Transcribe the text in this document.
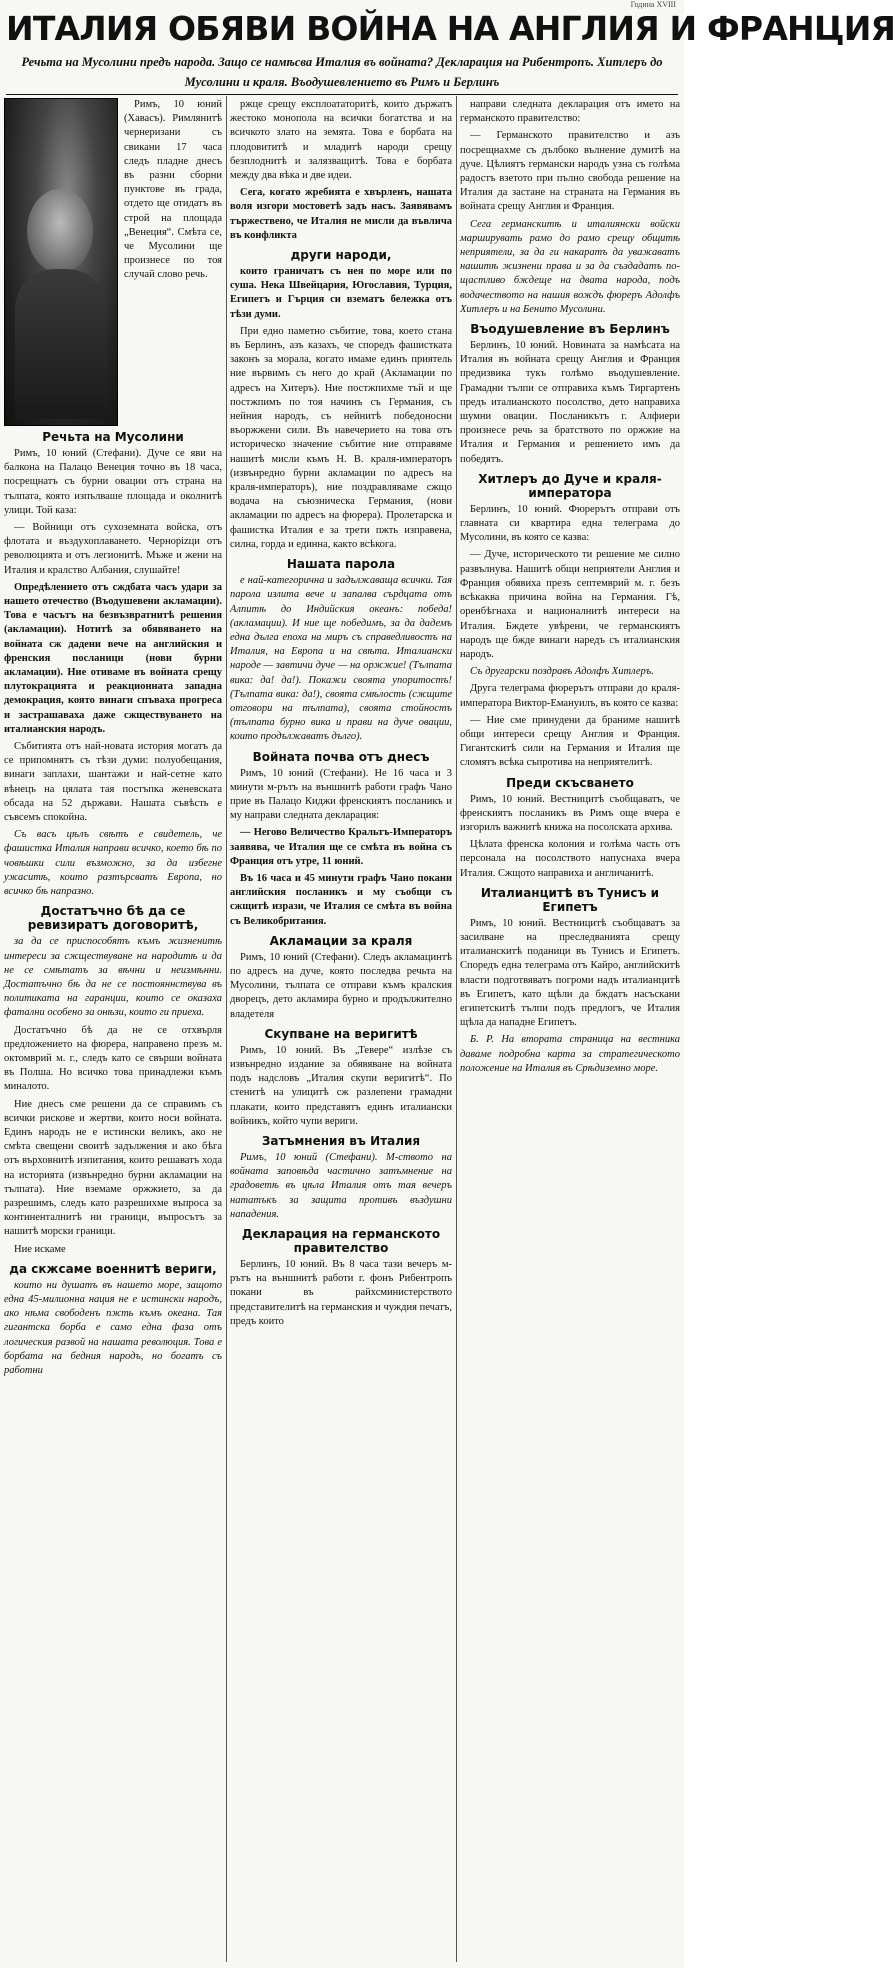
Година XVIII
ИТАЛИЯ ОБЯВИ ВОЙНА НА АНГЛИЯ И ФРАНЦИЯ
Речьта на Мусолини предъ народа. Защо се намѣсва Италия въ войната? Декларация на Рибентропъ. Хитлеръ до Мусолини и краля. Въодушевлението въ Римъ и Берлинъ

Римъ, 10 юний (Хавасъ). Римлянитѣ чернеризани съ свикани 17 часа следъ пладне днесъ въ разни сборни пунктове въ града, отдето ще отидатъ въ строй на площада „Венеция“. Смѣта се, че Мусолини ще произнесе по тоя случай слово речь.

Речьта на Мусолини

Римъ, 10 юний (Стефани). Дуче се яви на балкона на Палацо Венеция точно въ 18 часа, посрещнатъ съ бурни овации отъ страна на тълпата, която изпълваше площада и околнитѣ улици. Той каза:

— Войници отъ сухоземната войска, отъ флотата и въздухоплаването. Чернорizци отъ революцията и отъ легионитѣ. Мъже и жени на Италия и кралство Албания, слушайте!

Опредѣлението отъ сждбата часъ удари за нашето отечество (Въодушевени акламации). Това е часътъ на безвъзвратнитѣ решения (акламации). Нотитѣ за обявяването на войната сж дадени вече на английския и френския посланици (нови бурни акламации). Ние отиваме въ войната срещу плутокрацията и реакционната западна демокрация, която винаги спъваха прогреса и застрашаваха даже сжществуването на италианския народъ.

Събитията отъ най-новата история могатъ да се припомнятъ съ тѣзи думи: полуобещания, винаги заплахи, шантажи и най-сетне като вѣнецъ на цялата тая постъпка женевската обсада на 52 държави. Нашата съвѣсть е съвсемъ спокойна.

Съ васъ цѣлъ свѣтъ е свидетель, че фашистка Италия направи всичко, което бѣ по човѣшки сили възможно, за да избегне ужаситѣ, които разтърсватъ Европа, но всичко бѣ напразно.

Достатъчно бѣ да се ревизиратъ договоритѣ,

за да се приспособятъ къмъ жизненитѣ интереси за сжществуване на народитѣ и да не се смѣтатъ за вѣчни и неизмѣнни. Достатъчно бѣ да не се постояннствува въ политиката на гаранции, които се оказаха фатални особено за онѣзи, които ги приеха.

Достатъчно бѣ да не се отхвърля предложението на фюрера, направено презъ м. октомврий м. г., следъ като се свърши войната въ Полша. Но всичко това принадлежи къмъ миналото.

Ние днесъ сме решени да се справимъ съ всички рискове и жертви, които носи войната. Единъ народъ не е истински великъ, ако не смѣта свещени своитѣ задължения и ако бѣга отъ върховнитѣ изпитания, които решаватъ хода на историята (извънредно бурни акламации на тълпата). Ние вземаме оржжието, за да разрешимъ, следъ като разрешихме въпроса за континенталнитѣ ни граници, въпросътъ за нашитѣ морски граници.

Ние искаме

да скжсаме военнитѣ вериги,

които ни душатъ въ нашето море, защото една 45-милионна нация не е истински народъ, ако нѣма свободенъ пжть къмъ океана. Тая гигантска борба е само една фаза отъ логическия развой на нашата революция. Това е борбата на бедния народъ, но богатъ съ работни

ржце срещу експлоататоритѣ, които държатъ жестоко монопола на всички богатства и на всичкото злато на земята. Това е борбата на плодовититѣ и младитѣ народи срещу безплоднитѣ и залязващитѣ. Това е борбата между два вѣка и две идеи.

Сега, когато жребията е хвърленъ, нашата воля изгори мостоветѣ задъ насъ. Заявявамъ тържествено, че Италия не мисли да въвлича въ конфликта

други народи,

които граничатъ съ нея по море или по суша. Нека Швейцария, Югославия, Турция, Египетъ и Гърция си взематъ бележка отъ тѣзи думи.

При едно паметно събитие, това, което стана въ Берлинъ, азъ казахъ, че споредъ фашистката законъ за морала, когато имаме единъ приятель ние вървимъ съ него до край (Акламации по адресъ на Хитеръ). Ние постжпихме тъй и ще постжпимъ по тоя начинъ съ Германия, съ нейния народъ, съ нейнитѣ победоносни въоржжени сили. Въ навечерието на това отъ историческо значение събитие ние отправяме нашитѣ мисли къмъ Н. В. краля-императоръ (извънредно бурни акламации по адресъ на краля-императоръ), ние поздравляваме сжщо водача на съюзническа Германия, (нови акламации по адресъ на фюрера). Пролетарска и фашистка Италия е за трети пжть изправена, силна, горда и единна, както всѣкога.

Нашата парола

е най-категорична и задължаваща всички. Тая парола излита вече и запалва сърдцата отъ Алпитѣ до Индийския океанъ: победа! (акламации). И ние ще победимъ, за да дадемъ една дълга епоха на миръ съ справедливостъ на Италия, на Европа и на свѣта. Италиански народе — завтичи дуче — на оржжие! (Тълпата вика: да! да!). Покажи своята упоритостъ! (Тълпата вика: да!), своята смѣлость (сжщите отговори на тълпата), своята стойностъ (тълпата бурно вика и прави на дуче овации, които продължаватъ дълго).

Войната почва отъ днесъ

Римъ, 10 юний (Стефани). Не 16 часа и 3 минути м-рътъ на външнитѣ работи графъ Чано прие въ Палацо Киджи френскиятъ посланикъ и му направи следната декларация:

— Негово Величество Кральтъ-Императоръ заявява, че Италия ще се смѣта въ война съ Франция отъ утре, 11 юний.

Въ 16 часа и 45 минути графъ Чано покани английския посланикъ и му съобщи съ сжщитѣ изрази, че Италия се смѣта въ война съ Великобритания.

Акламации за краля

Римъ, 10 юний (Стефани). Следъ акламацинтѣ по адресъ на дуче, която последва речьта на Мусолини, тълпата се отправи къмъ кралския дворецъ, дето акламира бурно и продължително владетеля

Скупване на веригитѣ

Римъ, 10 юний. Въ „Тевере“ излѣзе съ извънредно издание за обявяване на войната подъ надсловъ „Италия скупи веригитѣ“. По стенитѣ на улицитѣ сж разлепени грамадни плакати, които представятъ единъ италиански войникъ, който чупи вериги.

Затъмнения въ Италия

Римъ, 10 юний (Стефани). М-ството на войната заповѣда частично затъмнение на градоветѣ въ цѣла Италия отъ тая вечеръ нататъкъ за защита противъ въздушни нападения.

Декларация на германското правителство

Берлинъ, 10 юний. Въ 8 часа тази вечеръ м-рътъ на външнитѣ работи г. фонъ Рибентропъ покани въ райхсминистерството представителитѣ на германския и чуждия печатъ, предъ които

направи следната декларация отъ името на германското правителство:

— Германското правителство и азъ посрещнахме съ дълбоко вълнение думитѣ на дуче. Цѣлиятъ германски народъ узна съ голѣма радостъ взетото при пълно свобода решение на Италия да застане на страната на Германия въ войната срещу Англия и Франция.

Сега германскитѣ и италиянски войски марширувать рамо до рамо срещу общитѣ неприятели, за да ги накаратъ да уважаватъ нашитѣ жизнени права и за да създадатъ по-щастливо бждеще на двата народа, подъ водачеството на нашия вождъ фюреръ Адолфъ Хитлеръ и на Бенито Мусолини.

Въодушевление въ Берлинъ

Берлинъ, 10 юний. Новината за намѣсата на Италия въ войната срещу Англия и Франция предизвика тукъ голѣмо въодушевление. Грамадни тълпи се отправиха къмъ Тиргартенъ предъ италианското посолство, дето направиха шумни овации. Посланикътъ г. Алфиери произнесе речь за братството по оржжие на Италия и Германия и решението имъ да победятъ.

Хитлеръ до Дуче и краля-императора

Берлинъ, 10 юний. Фюрерътъ отправи отъ главната си квартира една телеграма до Мусолини, въ която се казва:

— Дуче, историческото ти решение ме силно развълнува. Нашитѣ общи неприятели Англия и Франция обявиха презъ септемврий м. г. безъ всѣкаква причина война на Германия. Гѣ, оренбѣгнаха и националнитѣ интереси на Италия. Бждете увѣрени, че германскиятъ народъ ще бжде винаги наредъ съ италианския народъ.

Съ другарски поздравъ Адолфъ Хитлеръ.

Друга телеграма фюрерътъ отправи до краля-императора Виктор-Емануилъ, въ която се казва:

— Ние сме принудени да браниме нашитѣ общи интереси срещу Англия и Франция. Гигантскитѣ сили на Германия и Италия ще сломятъ всѣка съпротива на неприятелитѣ.

Преди скъсването

Римъ, 10 юний. Вестницитѣ съобщаватъ, че френскиятъ посланикъ въ Римъ още вчера е изгорилъ важнитѣ книжа на посолската архива.

Цѣлата френска колония и голѣма часть отъ персонала на посолството напуснаха вчера Италия. Сжщото направиха и англичанитѣ.

Италианцитѣ въ Тунисъ и Египетъ

Римъ, 10 юний. Вестницитѣ съобщаватъ за засилване на преследванията срещу италианскитѣ поданици въ Тунисъ и Египетъ. Споредъ една телеграма отъ Кайро, английскитѣ власти подготвяватъ погроми надъ италианцитѣ въ Египетъ, като щѣли да бждатъ насъскани египетскитѣ тълпи подъ предлогъ, че Италия щѣла да нападне Египетъ.

Б. Р. На втората страница на вестника даваме подробна карта за стратегическото положение на Италия въ Срѣдиземно море.
